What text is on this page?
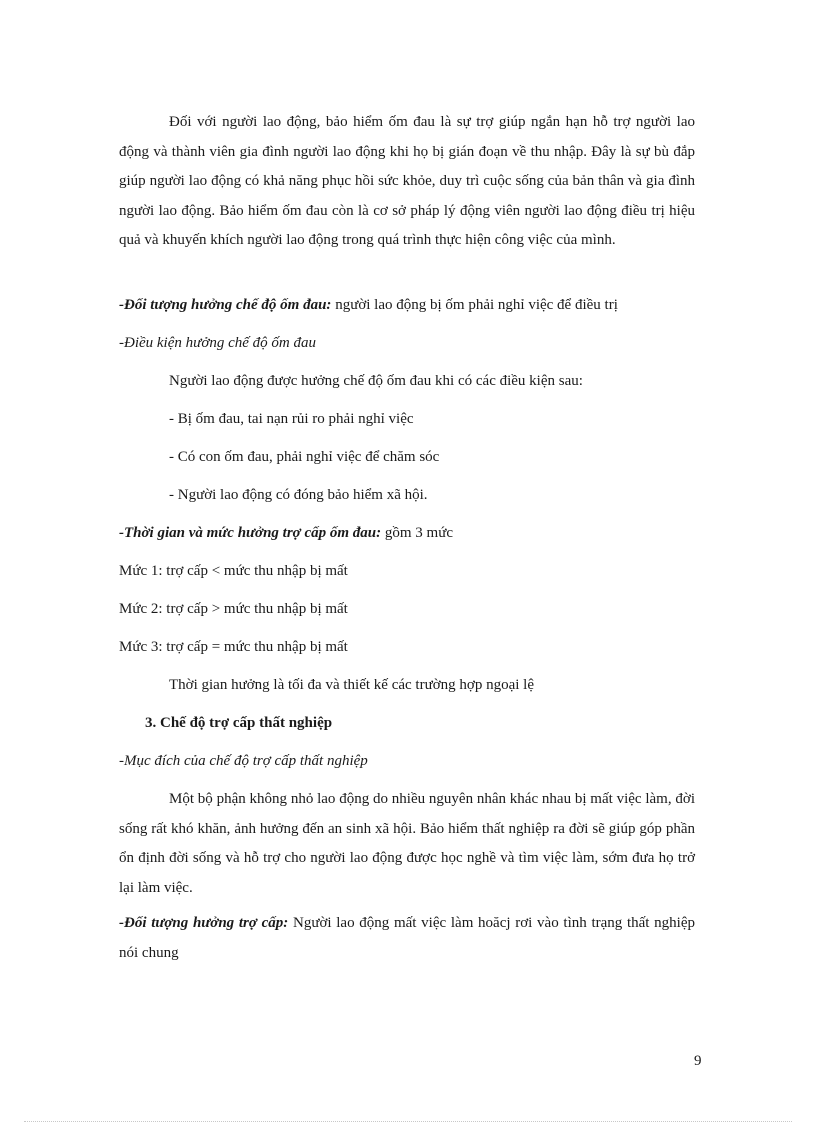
Đối với người lao động, bảo hiểm ốm đau là sự trợ giúp ngắn hạn hỗ trợ người lao động và thành viên gia đình người lao động khi họ bị gián đoạn về thu nhập. Đây là sự bù đắp giúp người lao động có khả năng phục hồi sức khỏe, duy trì cuộc sống của bản thân và gia đình người lao động. Bảo hiểm ốm đau còn là cơ sở pháp lý động viên người lao động điều trị hiệu quả và khuyến khích người lao động trong quá trình thực hiện công việc của mình.

-Đối tượng hưởng chế độ ốm đau: người lao động bị ốm phải nghỉ việc để điều trị

-Điều kiện hưởng chế độ ốm đau

Người lao động được hưởng chế độ ốm đau khi có các điều kiện sau:

- Bị ốm đau, tai nạn rủi ro phải nghỉ việc

- Có con ốm đau, phải nghỉ việc để chăm sóc

- Người lao động có đóng bảo hiểm xã hội.

-Thời gian và mức hưởng trợ cấp ốm đau: gồm 3 mức

Mức 1: trợ cấp < mức thu nhập bị mất

Mức 2: trợ cấp > mức thu nhập bị mất

Mức 3: trợ cấp = mức thu nhập bị mất

Thời gian hưởng là tối đa và thiết kế các trường hợp ngoại lệ

3. Chế độ trợ cấp thất nghiệp

-Mục đích của chế độ trợ cấp thất nghiệp

Một bộ phận không nhỏ lao động do nhiều nguyên nhân khác nhau bị mất việc làm, đời sống rất khó khăn, ảnh hưởng đến an sinh xã hội. Bảo hiểm thất nghiệp ra đời sẽ giúp góp phần ổn định đời sống và hỗ trợ cho người lao động được học nghề và tìm việc làm, sớm đưa họ trở lại làm việc.

-Đối tượng hưởng trợ cấp: Người lao động mất việc làm hoăcj rơi vào tình trạng thất nghiệp nói chung

9
